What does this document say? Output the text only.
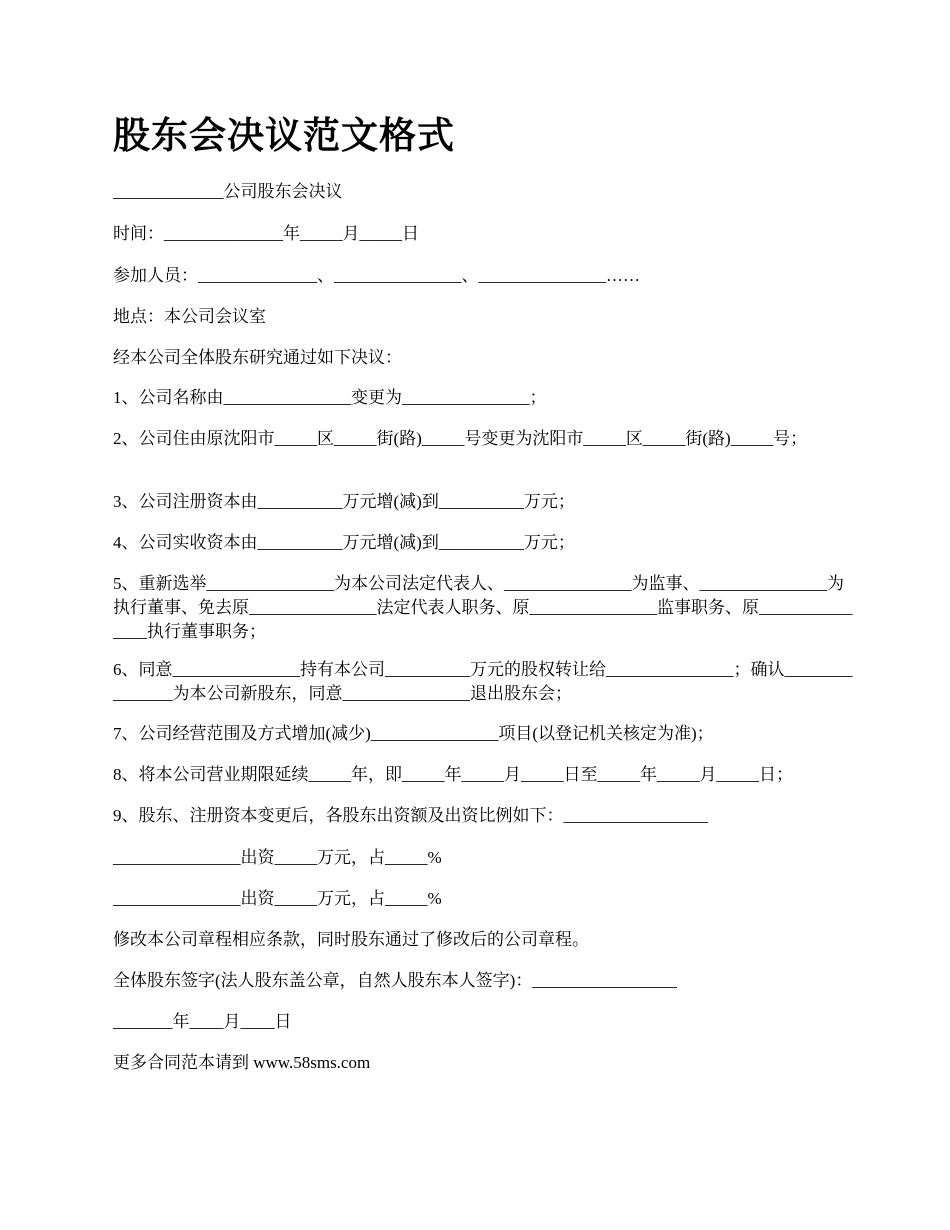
股东会决议范文格式

_____________公司股东会决议

时间：______________年_____月_____日

参加人员：______________、_______________、_______________……

地点：本公司会议室

经本公司全体股东研究通过如下决议：

1、公司名称由_______________变更为_______________；

2、公司住由原沈阳市_____区_____街(路)_____号变更为沈阳市_____区_____街(路)_____号；

3、公司注册资本由__________万元增(减)到__________万元；

4、公司实收资本由__________万元增(减)到__________万元；

5、重新选举_______________为本公司法定代表人、_______________为监事、_______________为执行董事、免去原_______________法定代表人职务、原_______________监事职务、原_______________执行董事职务；

6、同意_______________持有本公司__________万元的股权转让给_______________；确认_______________为本公司新股东，同意_______________退出股东会；

7、公司经营范围及方式增加(减少)_______________项目(以登记机关核定为准)；

8、将本公司营业期限延续_____年，即_____年_____月_____日至_____年_____月_____日；

9、股东、注册资本变更后，各股东出资额及出资比例如下：_________________

_______________出资_____万元，占_____%

_______________出资_____万元，占_____%

修改本公司章程相应条款，同时股东通过了修改后的公司章程。

全体股东签字(法人股东盖公章，自然人股东本人签字)：_________________

_______年____月____日

更多合同范本请到 www.58sms.com
